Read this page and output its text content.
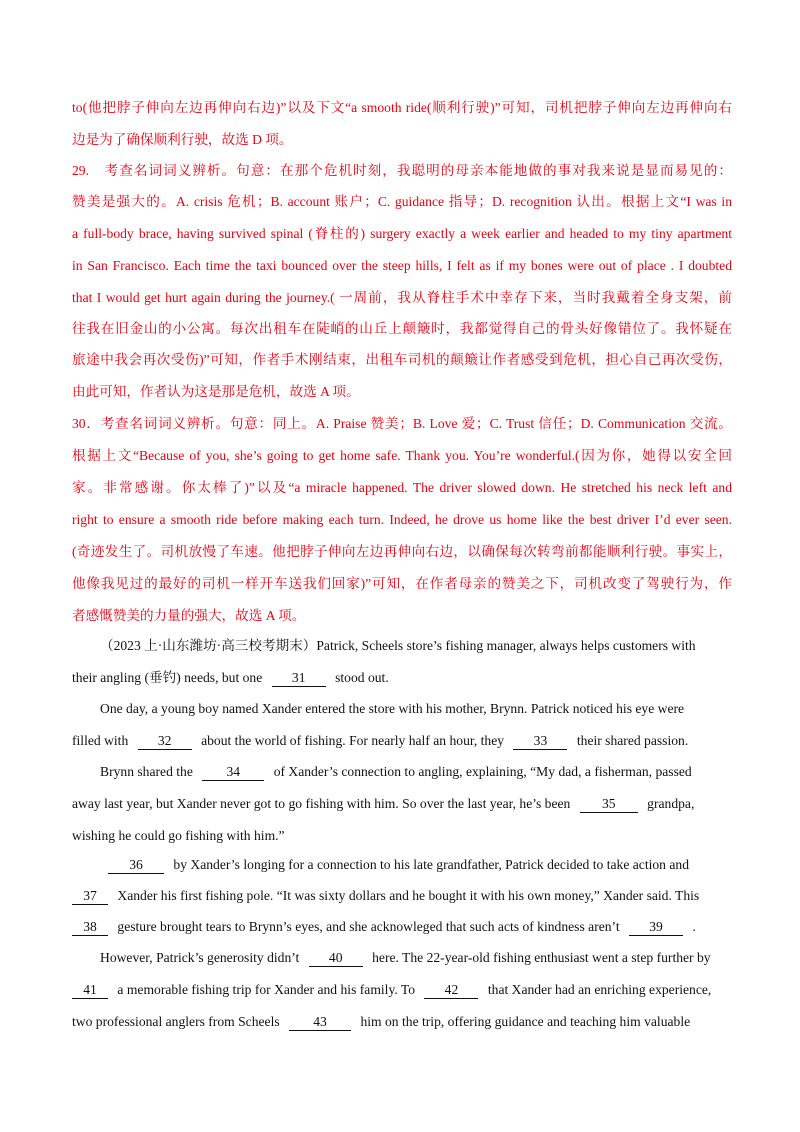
to(他把脖子伸向左边再伸向右边)”以及下文“a smooth ride(顺利行驶)”可知，司机把脖子伸向左边再伸向右
边是为了确保顺利行驶，故选 D 项。
29.　考查名词词义辨析。句意：在那个危机时刻，我聪明的母亲本能地做的事对我来说是显而易见的：
赞美是强大的。A. crisis 危机；B. account 账户；C. guidance 指导；D. recognition 认出。根据上文“I was in
a full-body brace, having survived spinal (脊柱的) surgery exactly a week earlier and headed to my tiny apartment
in San Francisco. Each time the taxi bounced over the steep hills, I felt as if my bones were out of place . I doubted
that I would get hurt again during the journey.( 一周前，我从脊柱手术中幸存下来，当时我戴着全身支架，前
往我在旧金山的小公寓。每次出租车在陡峭的山丘上颠簸时，我都觉得自己的骨头好像错位了。我怀疑在
旅途中我会再次受伤)”可知，作者手术刚结束，出租车司机的颠簸让作者感受到危机，担心自己再次受伤，
由此可知，作者认为这是那是危机，故选 A 项。
30．考查名词词义辨析。句意：同上。A. Praise 赞美；B. Love 爱；C. Trust 信任；D. Communication 交流。
根据上文“Because of you, she’s going to get home safe. Thank you. You’re wonderful.(因为你，她得以安全回
家。非常感谢。你太棒了)”以及“a miracle happened. The driver slowed down. He stretched his neck left and
right to ensure a smooth ride before making each turn. Indeed, he drove us home like the best driver I’d ever seen.
(奇迹发生了。司机放慢了车速。他把脖子伸向左边再伸向右边，以确保每次转弯前都能顺利行驶。事实上，
他像我见过的最好的司机一样开车送我们回家)”可知，在作者母亲的赞美之下，司机改变了驾驶行为，作
者感慨赞美的力量的强大，故选 A 项。
（2023 上·山东潍坊·高三校考期末）Patrick, Scheels store’s fishing manager, always helps customers with
their angling (垂钓) needs, but one 31 stood out.
One day, a young boy named Xander entered the store with his mother, Brynn. Patrick noticed his eye were
filled with 32 about the world of fishing. For nearly half an hour, they 33 their shared passion.
Brynn shared the 34 of Xander’s connection to angling, explaining, “My dad, a fisherman, passed
away last year, but Xander never got to go fishing with him. So over the last year, he’s been 35 grandpa,
wishing he could go fishing with him.”
36 by Xander’s longing for a connection to his late grandfather, Patrick decided to take action and
37 Xander his first fishing pole. “It was sixty dollars and he bought it with his own money,” Xander said. This
38 gesture brought tears to Brynn’s eyes, and she acknowleged that such acts of kindness aren’t 39 .
However, Patrick’s generosity didn’t 40 here. The 22-year-old fishing enthusiast went a step further by
41 a memorable fishing trip for Xander and his family. To 42 that Xander had an enriching experience,
two professional anglers from Scheels 43 him on the trip, offering guidance and teaching him valuable
